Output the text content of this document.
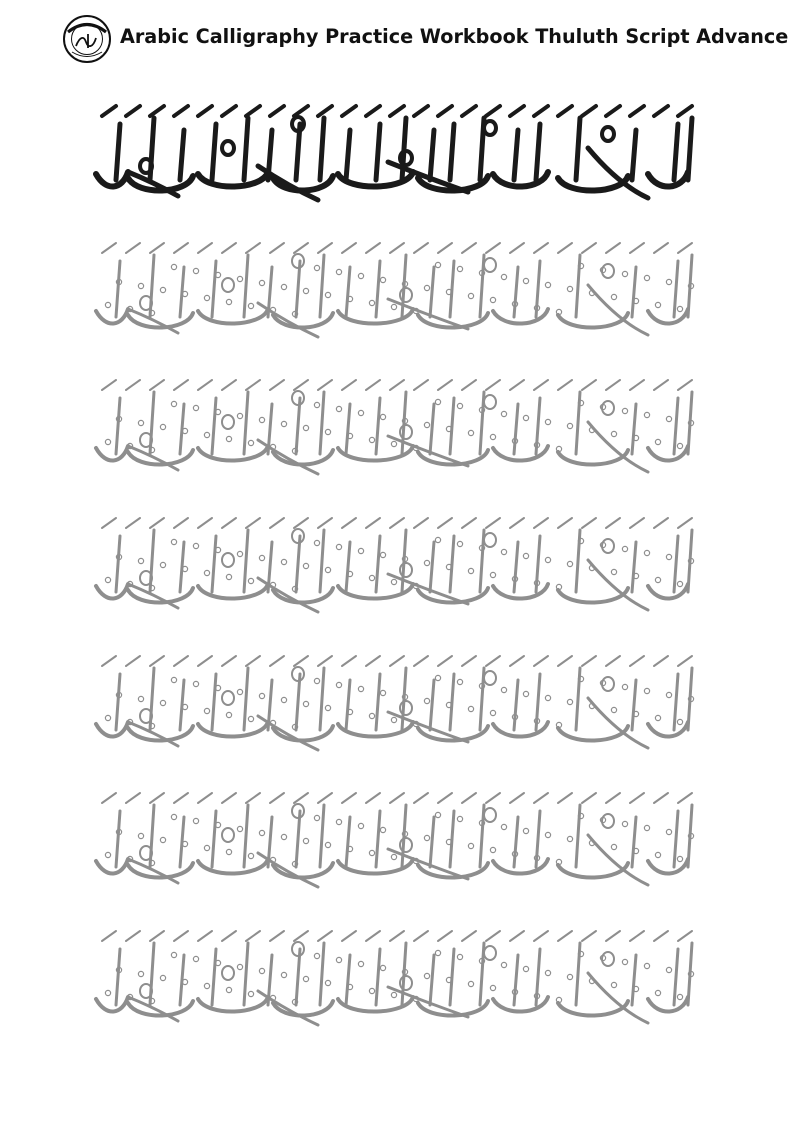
Arabic Calligraphy Practice Workbook Thuluth Script Advance
